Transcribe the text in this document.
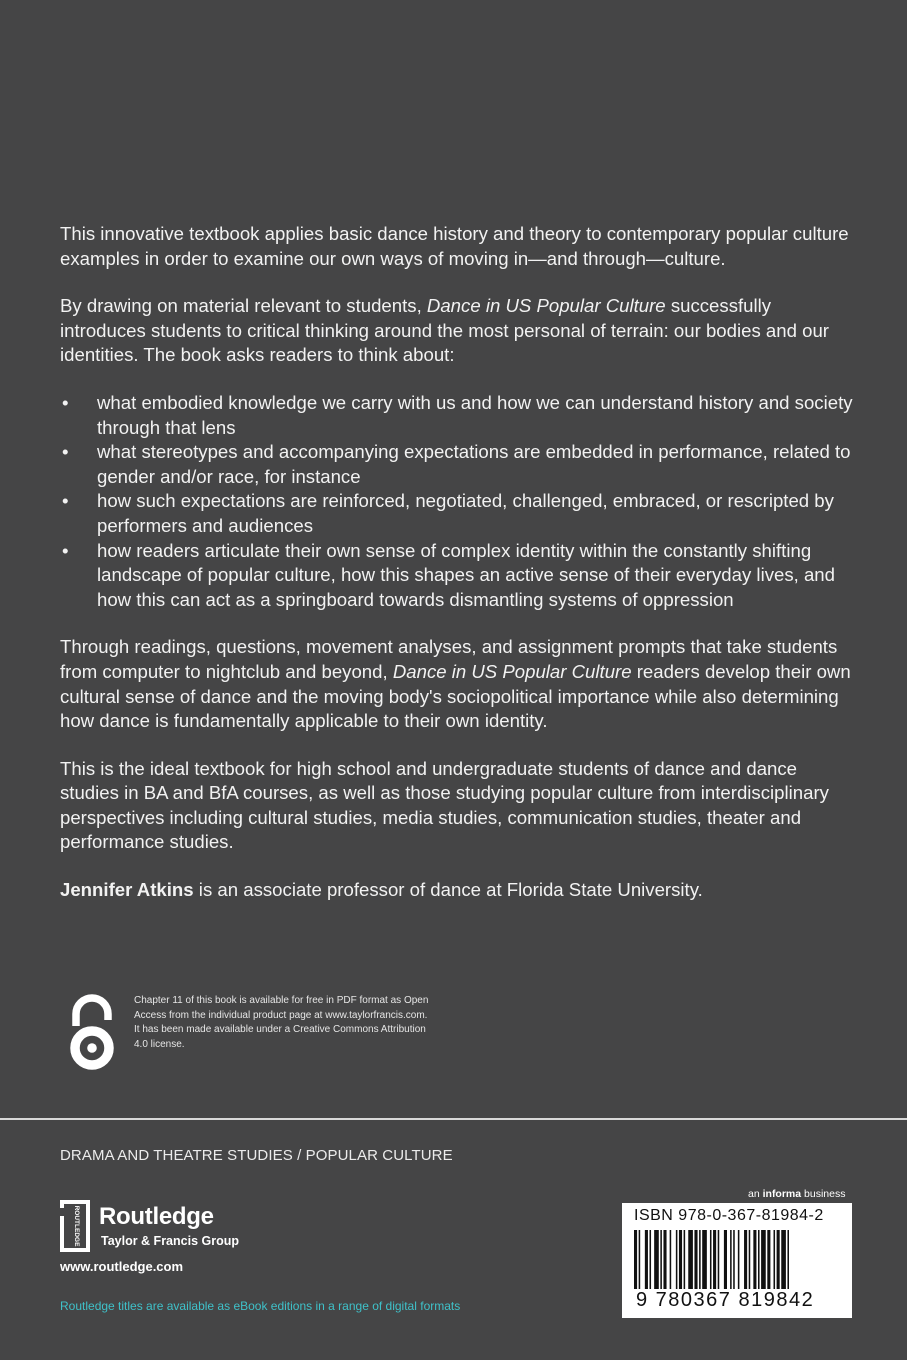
This innovative textbook applies basic dance history and theory to contemporary popular culture examples in order to examine our own ways of moving in—and through—culture.

By drawing on material relevant to students, Dance in US Popular Culture successfully introduces students to critical thinking around the most personal of terrain: our bodies and our identities. The book asks readers to think about:

• what embodied knowledge we carry with us and how we can understand history and society through that lens
• what stereotypes and accompanying expectations are embedded in performance, related to gender and/or race, for instance
• how such expectations are reinforced, negotiated, challenged, embraced, or rescripted by performers and audiences
• how readers articulate their own sense of complex identity within the constantly shifting landscape of popular culture, how this shapes an active sense of their everyday lives, and how this can act as a springboard towards dismantling systems of oppression

Through readings, questions, movement analyses, and assignment prompts that take students from computer to nightclub and beyond, Dance in US Popular Culture readers develop their own cultural sense of dance and the moving body's sociopolitical importance while also determining how dance is fundamentally applicable to their own identity.

This is the ideal textbook for high school and undergraduate students of dance and dance studies in BA and BfA courses, as well as those studying popular culture from interdisciplinary perspectives including cultural studies, media studies, communication studies, theater and performance studies.

Jennifer Atkins is an associate professor of dance at Florida State University.

Chapter 11 of this book is available for free in PDF format as Open Access from the individual product page at www.taylorfrancis.com. It has been made available under a Creative Commons Attribution 4.0 license.
DRAMA AND THEATRE STUDIES / POPULAR CULTURE
ROUTLEDGE Routledge
Taylor & Francis Group
www.routledge.com
Routledge titles are available as eBook editions in a range of digital formats
an informa business
ISBN 978-0-367-81984-2
9 780367 819842
